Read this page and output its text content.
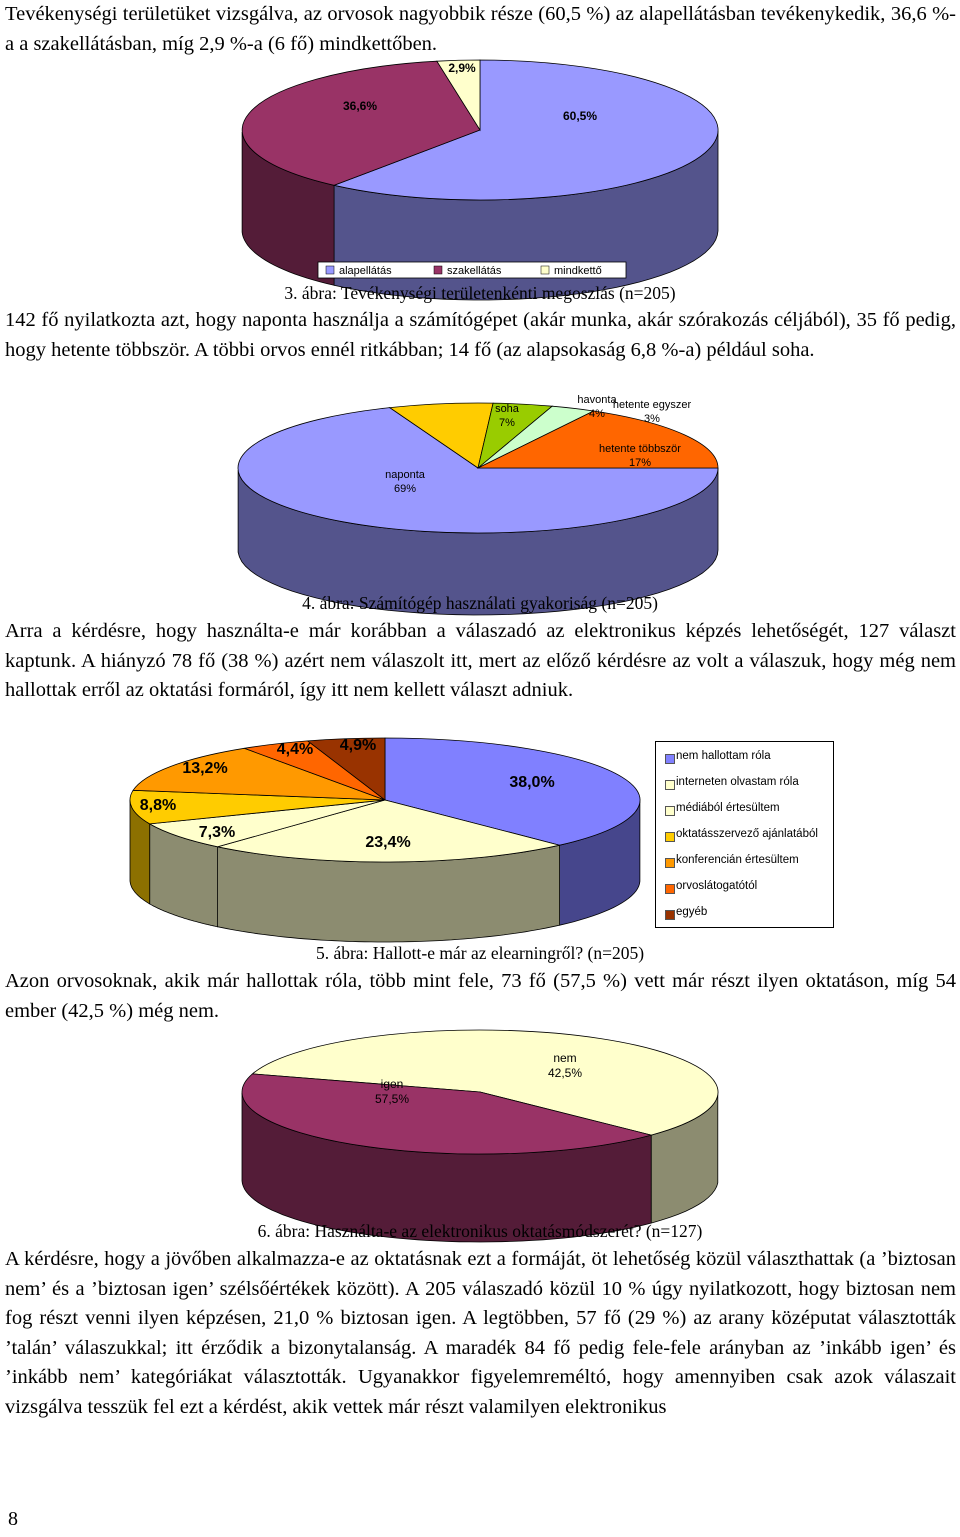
Tevékenységi területüket vizsgálva, az orvosok nagyobbik része (60,5 %) az alapellátásban tevékenykedik, 36,6 %-a a szakellátásban, míg 2,9 %-a (6 fő) mindkettőben.

60,5%
36,6%
2,9%
alapellátás	szakellátás	mindkettő
3. ábra: Tevékenységi területenkénti megoszlás (n=205)

142 fő nyilatkozta azt, hogy naponta használja a számítógépet (akár munka, akár szórakozás céljából), 35 fő pedig, hogy hetente többször. A többi orvos ennél ritkábban; 14 fő (az alapsokaság 6,8 %-a) például soha.

naponta
69%
soha
7%
havonta
4%
hetente egyszer
3%
hetente többször
17%
4. ábra: Számítógép használati gyakoriság (n=205)

Arra a kérdésre, hogy használta-e már korábban a válaszadó az elektronikus képzés lehetőségét, 127 választ kaptunk. A hiányzó 78 fő (38 %) azért nem válaszolt itt, mert az előző kérdésre az volt a válaszuk, hogy még nem hallottak erről az oktatási formáról, így itt nem kellett választ adniuk.

38,0%
23,4%
7,3%
8,8%
13,2%
4,4% 4,9%
nem hallottam róla
interneten olvastam róla
médiából értesültem
oktatásszervező ajánlatából
konferencián értesültem
orvoslátogatótól
egyéb
5. ábra: Hallott-e már az elearningről? (n=205)

Azon orvosoknak, akik már hallottak róla, több mint fele, 73 fő (57,5 %) vett már részt ilyen oktatáson, míg 54 ember (42,5 %) még nem.

igen
57,5%
nem
42,5%
6. ábra: Használta-e az elektronikus oktatásmódszerét? (n=127)

A kérdésre, hogy a jövőben alkalmazza-e az oktatásnak ezt a formáját, öt lehetőség közül választhattak (a ’biztosan nem’ és a ’biztosan igen’ szélsőértékek között). A 205 válaszadó közül 10 % úgy nyilatkozott, hogy biztosan nem fog részt venni ilyen képzésen, 21,0 % biztosan igen. A legtöbben, 57 fő (29 %) az arany középutat választották ’talán’ válaszukkal; itt érződik a bizonytalanság. A maradék 84 fő pedig fele-fele arányban az ’inkább igen’ és ’inkább nem’ kategóriákat választották. Ugyanakkor figyelemreméltó, hogy amennyiben csak azok válaszait vizsgálva tesszük fel ezt a kérdést, akik vettek már részt valamilyen elektronikus

8
